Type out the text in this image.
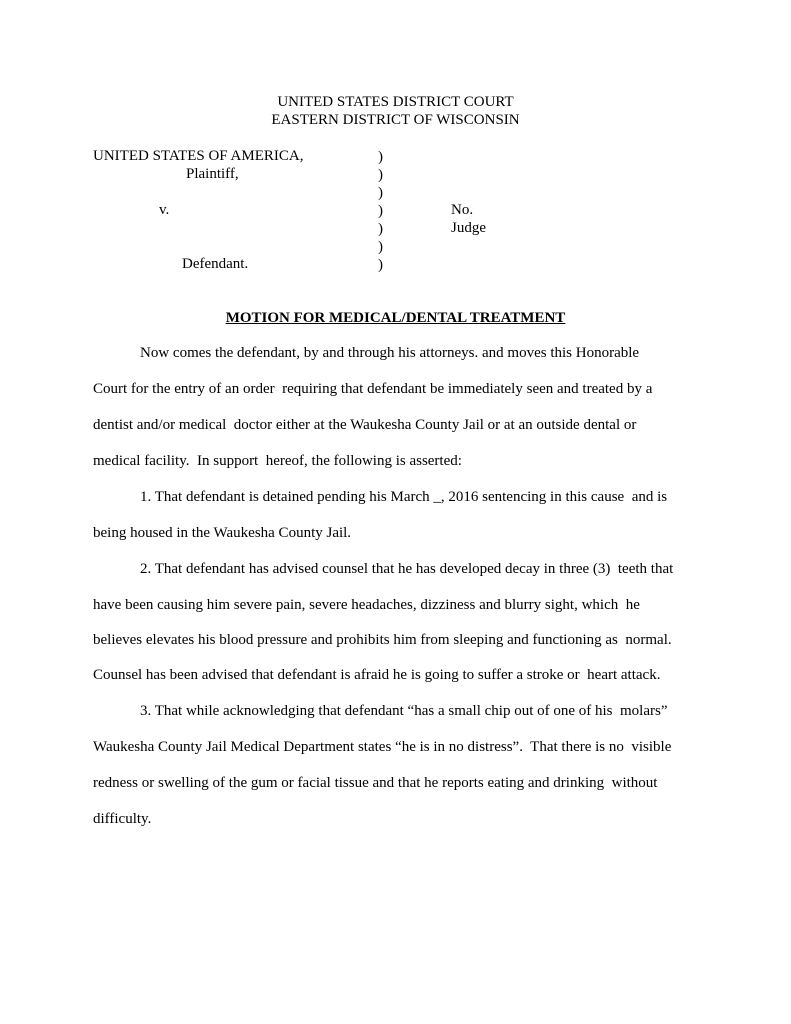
UNITED STATES DISTRICT COURT
EASTERN DISTRICT OF WISCONSIN
UNITED STATES OF AMERICA,
Plaintiff,
v.
Defendant.
)
)
)
)
)
)
)
No.
Judge
MOTION FOR MEDICAL/DENTAL TREATMENT
Now comes the defendant, by and through his attorneys. and moves this Honorable
Court for the entry of an order  requiring that defendant be immediately seen and treated by a
dentist and/or medical  doctor either at the Waukesha County Jail or at an outside dental or
medical facility.  In support  hereof, the following is asserted:
1. That defendant is detained pending his March _, 2016 sentencing in this cause  and is
being housed in the Waukesha County Jail.
2. That defendant has advised counsel that he has developed decay in three (3)  teeth that
have been causing him severe pain, severe headaches, dizziness and blurry sight, which  he
believes elevates his blood pressure and prohibits him from sleeping and functioning as  normal.
Counsel has been advised that defendant is afraid he is going to suffer a stroke or  heart attack.
3. That while acknowledging that defendant “has a small chip out of one of his  molars”
Waukesha County Jail Medical Department states “he is in no distress”.  That there is no  visible
redness or swelling of the gum or facial tissue and that he reports eating and drinking  without
difficulty.
